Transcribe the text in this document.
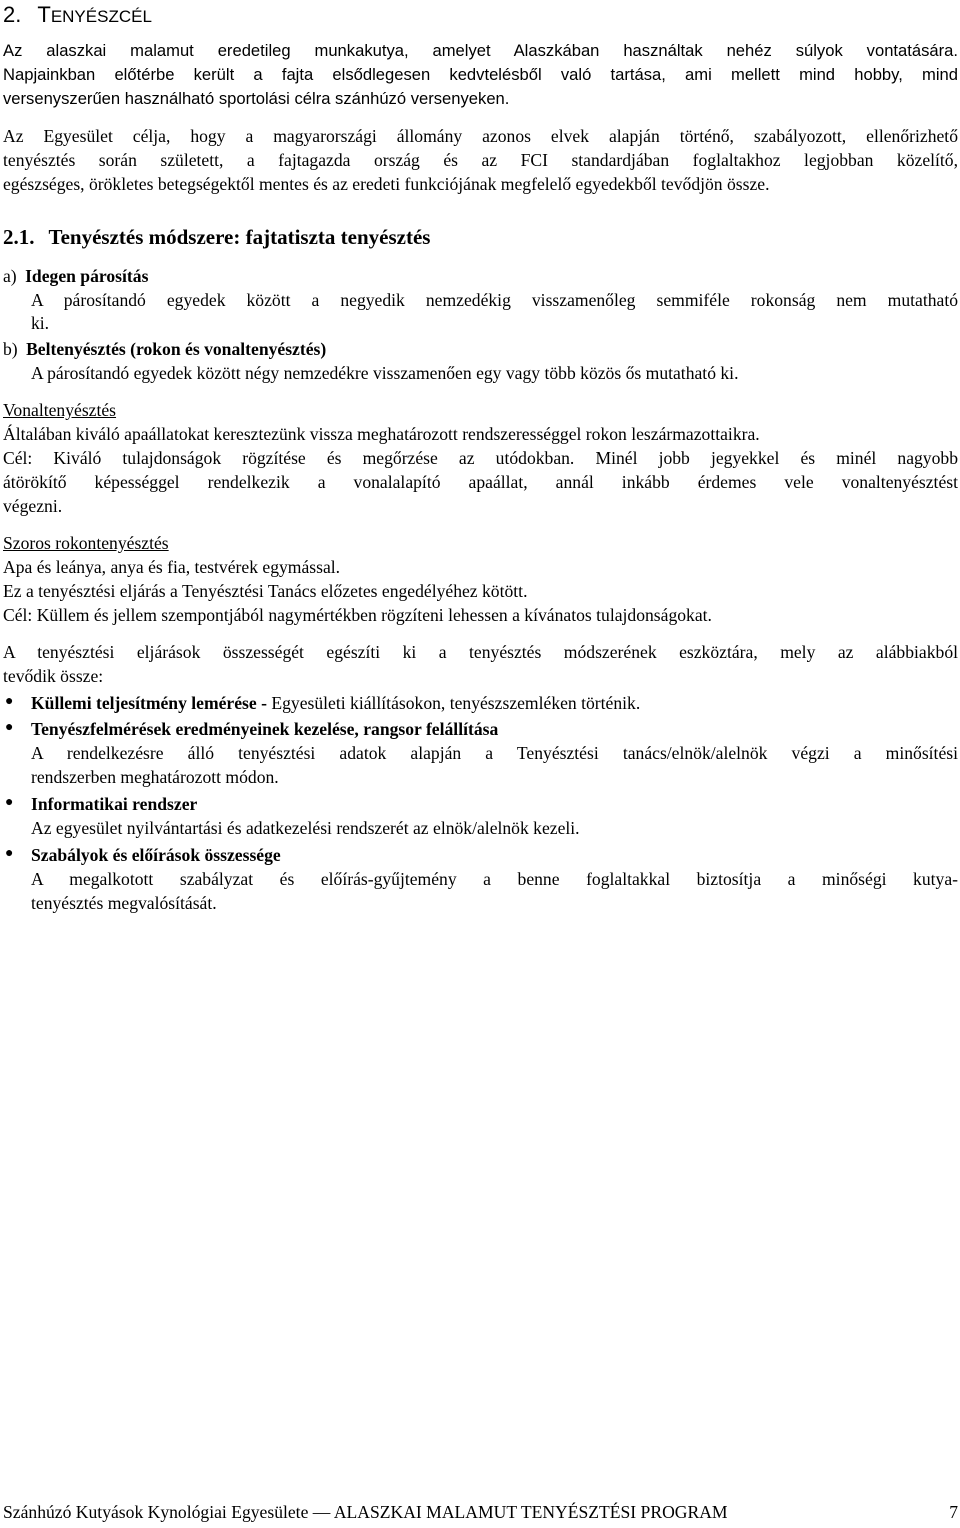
2. TENYÉSZCÉL
Az alaszkai malamut eredetileg munkakutya, amelyet Alaszkában használtak nehéz súlyok vontatására.
Napjainkban előtérbe került a fajta elsődlegesen kedvtelésből való tartása, ami mellett mind hobby, mind
versenyszerűen használható sportolási célra szánhúzó versenyeken.
Az Egyesület célja, hogy a magyarországi állomány azonos elvek alapján történő, szabályozott, ellenőrizhető
tenyésztés során született, a fajtagazda ország és az FCI standardjában foglaltakhoz legjobban közelítő,
egészséges, örökletes betegségektől mentes és az eredeti funkciójának megfelelő egyedekből tevődjön össze.
2.1. Tenyésztés módszere: fajtatiszta tenyésztés
a) Idegen párosítás
A párosítandó egyedek között a negyedik nemzedékig visszamenőleg semmiféle rokonság nem mutatható
ki.
b) Beltenyésztés (rokon és vonaltenyésztés)
A párosítandó egyedek között négy nemzedékre visszamenően egy vagy több közös ős mutatható ki.
Vonaltenyésztés
Általában kiváló apaállatokat keresztezünk vissza meghatározott rendszerességgel rokon leszármazottaikra.
Cél: Kiváló tulajdonságok rögzítése és megőrzése az utódokban. Minél jobb jegyekkel és minél nagyobb
átörökítő képességgel rendelkezik a vonalalapító apaállat, annál inkább érdemes vele vonaltenyésztést
végezni.
Szoros rokontenyésztés
Apa és leánya, anya és fia, testvérek egymással.
Ez a tenyésztési eljárás a Tenyésztési Tanács előzetes engedélyéhez kötött.
Cél: Küllem és jellem szempontjából nagymértékben rögzíteni lehessen a kívánatos tulajdonságokat.
A tenyésztési eljárások összességét egészíti ki a tenyésztés módszerének eszköztára, mely az alábbiakból
tevődik össze:
● Küllemi teljesítmény lemérése - Egyesületi kiállításokon, tenyészszemléken történik.
● Tenyészfelmérések eredményeinek kezelése, rangsor felállítása
A rendelkezésre álló tenyésztési adatok alapján a Tenyésztési tanács/elnök/alelnök végzi a minősítési
rendszerben meghatározott módon.
● Informatikai rendszer
Az egyesület nyilvántartási és adatkezelési rendszerét az elnök/alelnök kezeli.
● Szabályok és előírások összessége
A megalkotott szabályzat és előírás-gyűjtemény a benne foglaltakkal biztosítja a minőségi kutya-
tenyésztés megvalósítását.
Szánhúzó Kutyások Kynológiai Egyesülete — ALASZKAI MALAMUT TENYÉSZTÉSI PROGRAM	7
